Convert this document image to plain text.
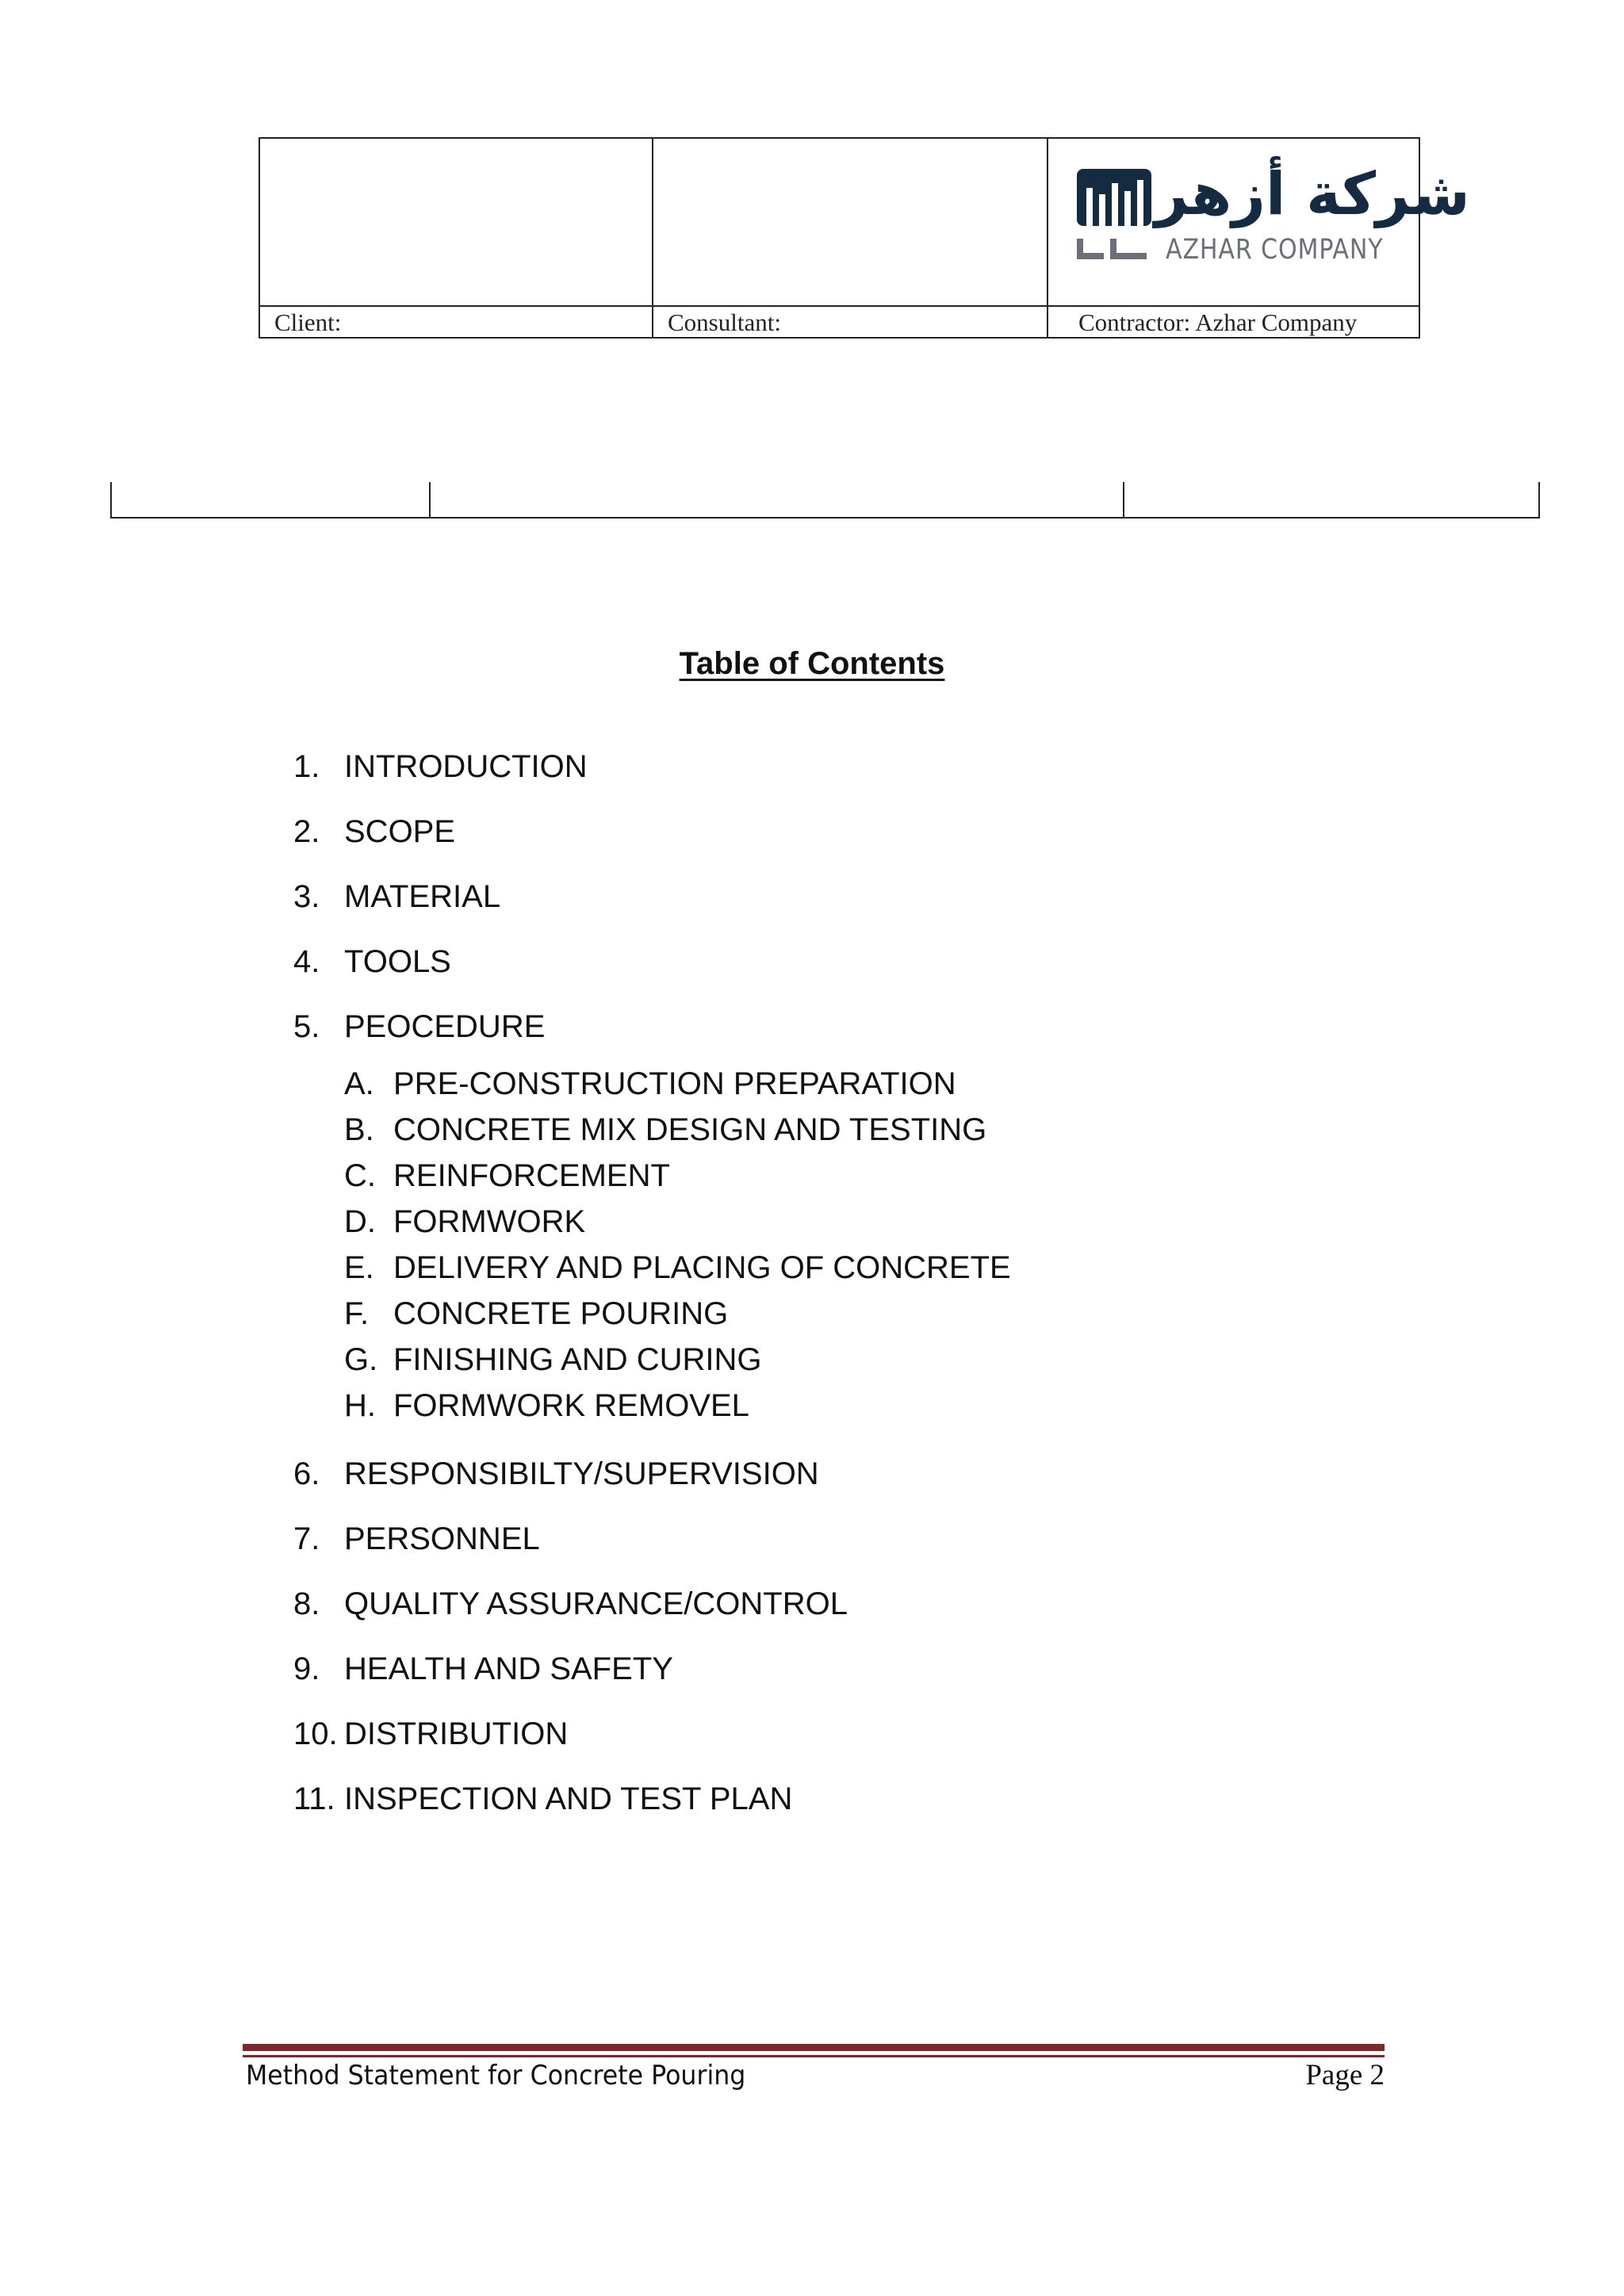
شركة أزهر
AZHAR COMPANY
Client:	Consultant:	Contractor: Azhar Company
Table of Contents
1. INTRODUCTION
2. SCOPE
3. MATERIAL
4. TOOLS
5. PEOCEDURE
A. PRE-CONSTRUCTION PREPARATION
B. CONCRETE MIX DESIGN AND TESTING
C. REINFORCEMENT
D. FORMWORK
E. DELIVERY AND PLACING OF CONCRETE
F. CONCRETE POURING
G. FINISHING AND CURING
H. FORMWORK REMOVEL
6. RESPONSIBILTY/SUPERVISION
7. PERSONNEL
8. QUALITY ASSURANCE/CONTROL
9. HEALTH AND SAFETY
10. DISTRIBUTION
11. INSPECTION AND TEST PLAN
Method Statement for Concrete Pouring	Page 2
